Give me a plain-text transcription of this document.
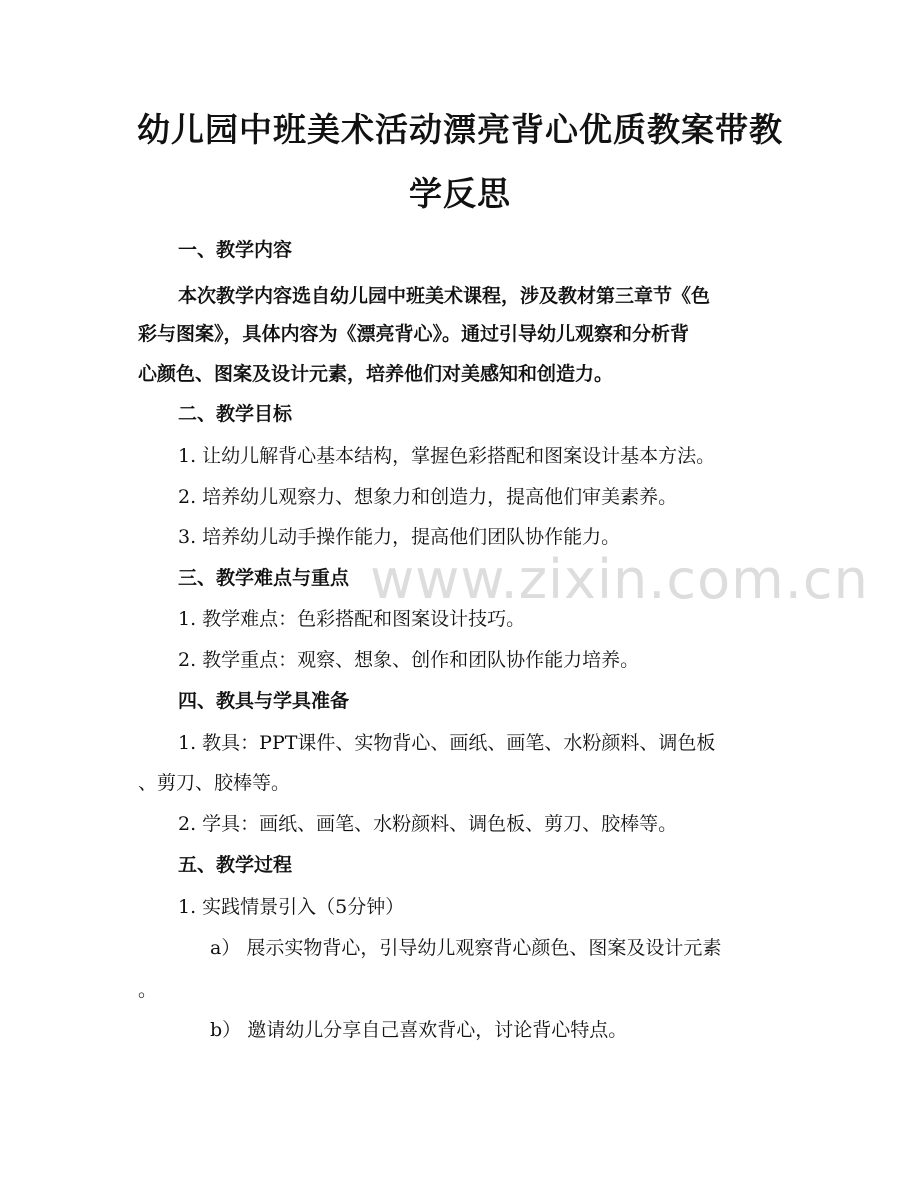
幼儿园中班美术活动漂亮背心优质教案带教
学反思
www.zixin.com.cn
一、教学内容
本次教学内容选自幼儿园中班美术课程，涉及教材第三章节《色
彩与图案》，具体内容为《漂亮背心》。通过引导幼儿观察和分析背
心颜色、图案及设计元素，培养他们对美感知和创造力。
二、教学目标
1. 让幼儿解背心基本结构，掌握色彩搭配和图案设计基本方法。
2. 培养幼儿观察力、想象力和创造力，提高他们审美素养。
3. 培养幼儿动手操作能力，提高他们团队协作能力。
三、教学难点与重点
1. 教学难点：色彩搭配和图案设计技巧。
2. 教学重点：观察、想象、创作和团队协作能力培养。
四、教具与学具准备
1. 教具：PPT课件、实物背心、画纸、画笔、水粉颜料、调色板
、剪刀、胶棒等。
2. 学具：画纸、画笔、水粉颜料、调色板、剪刀、胶棒等。
五、教学过程
1. 实践情景引入（5分钟）
a） 展示实物背心，引导幼儿观察背心颜色、图案及设计元素
。
b） 邀请幼儿分享自己喜欢背心，讨论背心特点。
